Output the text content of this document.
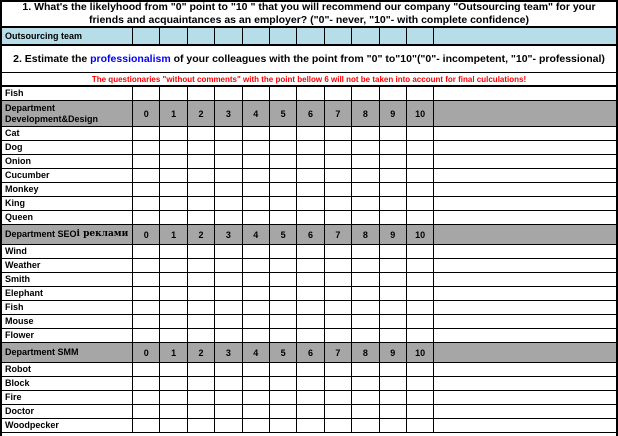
1. What's the likelyhood from "0" point to "10 " that you will recommend our company "Outsourcing team" for your friends and acquaintances as an employer? ("0"- never, "10"- with complete confidence)
Outsourcing team
2. Estimate the professionalism of your colleagues with the point from "0" to"10"("0"- incompetent, "10"- professional)
The questionaries "without comments" with the point bellow 6 will not be taken into account for final culculations!
Fish
Department
Development&Design	0	1	2	3	4	5	6	7	8	9	10
Cat
Dog
Onion
Cucumber
Monkey
King
Queen
Department SEO і реклами	0	1	2	3	4	5	6	7	8	9	10
Wind
Weather
Smith
Elephant
Fish
Mouse
Flower
Department SMM	0	1	2	3	4	5	6	7	8	9	10
Robot
Block
Fire
Doctor
Woodpecker
